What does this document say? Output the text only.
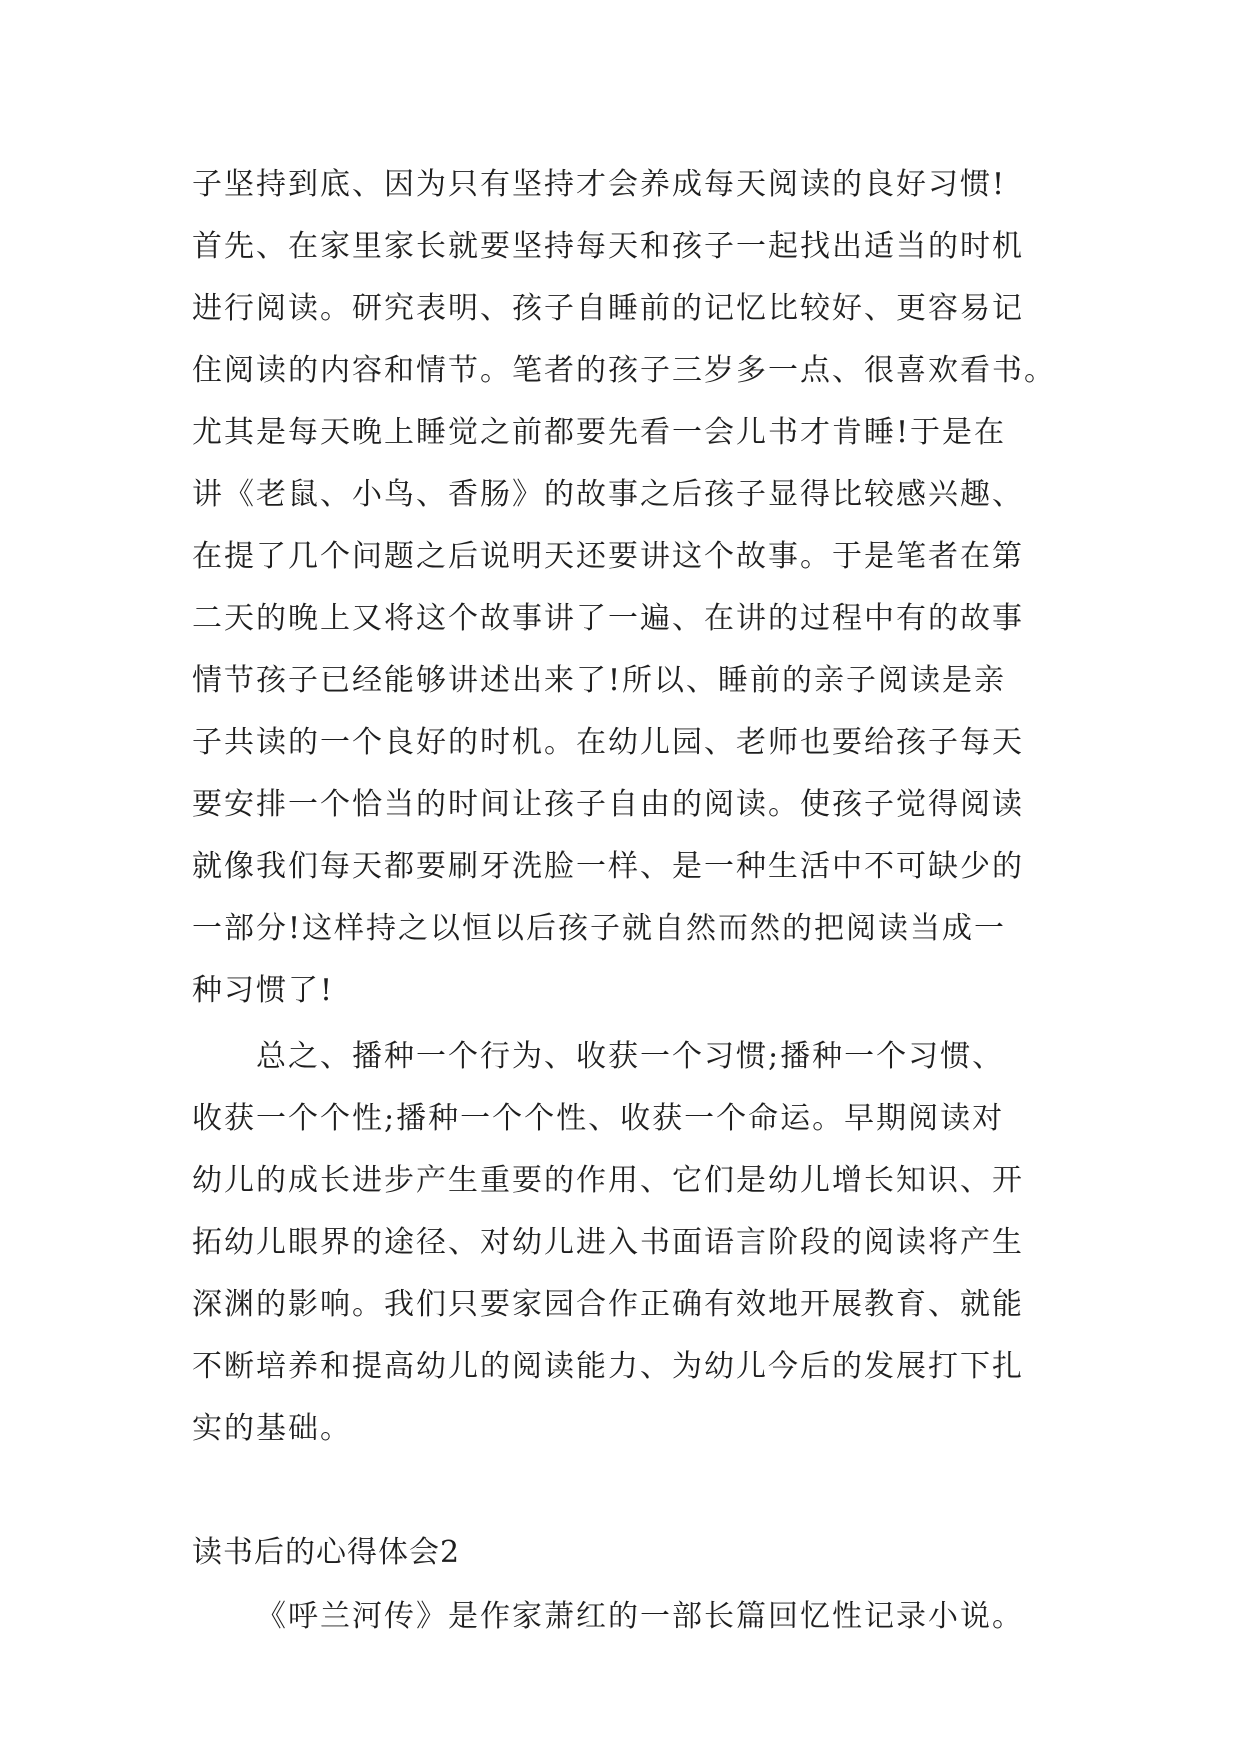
子坚持到底、因为只有坚持才会养成每天阅读的良好习惯!
首先、在家里家长就要坚持每天和孩子一起找出适当的时机
进行阅读。研究表明、孩子自睡前的记忆比较好、更容易记
住阅读的内容和情节。笔者的孩子三岁多一点、很喜欢看书。
尤其是每天晚上睡觉之前都要先看一会儿书才肯睡!于是在
讲《老鼠、小鸟、香肠》的故事之后孩子显得比较感兴趣、
在提了几个问题之后说明天还要讲这个故事。于是笔者在第
二天的晚上又将这个故事讲了一遍、在讲的过程中有的故事
情节孩子已经能够讲述出来了!所以、睡前的亲子阅读是亲
子共读的一个良好的时机。在幼儿园、老师也要给孩子每天
要安排一个恰当的时间让孩子自由的阅读。使孩子觉得阅读
就像我们每天都要刷牙洗脸一样、是一种生活中不可缺少的
一部分!这样持之以恒以后孩子就自然而然的把阅读当成一
种习惯了!
总之、播种一个行为、收获一个习惯;播种一个习惯、
收获一个个性;播种一个个性、收获一个命运。早期阅读对
幼儿的成长进步产生重要的作用、它们是幼儿增长知识、开
拓幼儿眼界的途径、对幼儿进入书面语言阶段的阅读将产生
深渊的影响。我们只要家园合作正确有效地开展教育、就能
不断培养和提高幼儿的阅读能力、为幼儿今后的发展打下扎
实的基础。
读书后的心得体会2
《呼兰河传》是作家萧红的一部长篇回忆性记录小说。
